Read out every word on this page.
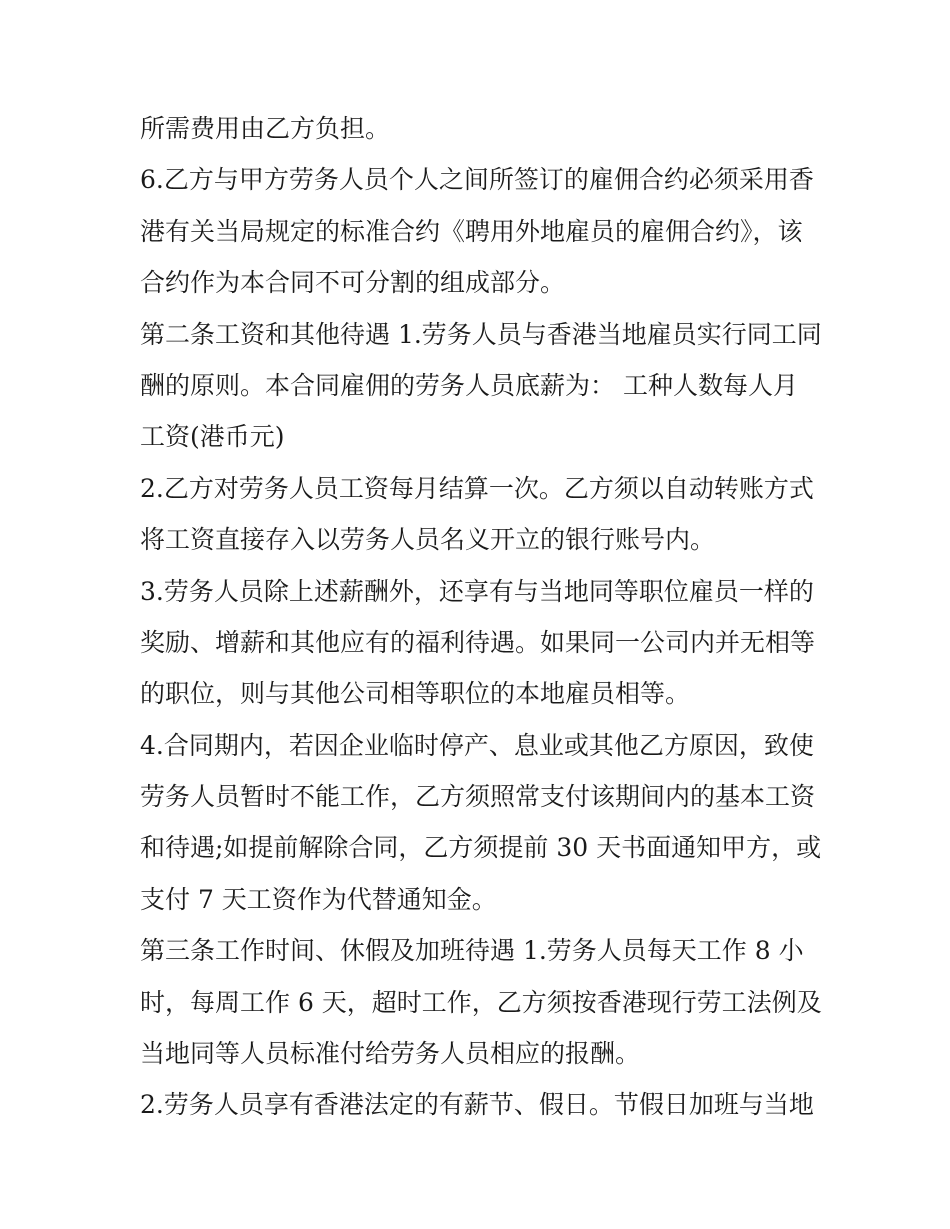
所需费用由乙方负担。
6.乙方与甲方劳务人员个人之间所签订的雇佣合约必须采用香
港有关当局规定的标准合约《聘用外地雇员的雇佣合约》，该
合约作为本合同不可分割的组成部分。
第二条工资和其他待遇 1.劳务人员与香港当地雇员实行同工同
酬的原则。本合同雇佣的劳务人员底薪为： 工种人数每人月
工资(港币元)
2.乙方对劳务人员工资每月结算一次。乙方须以自动转账方式
将工资直接存入以劳务人员名义开立的银行账号内。
3.劳务人员除上述薪酬外，还享有与当地同等职位雇员一样的
奖励、增薪和其他应有的福利待遇。如果同一公司内并无相等
的职位，则与其他公司相等职位的本地雇员相等。
4.合同期内，若因企业临时停产、息业或其他乙方原因，致使
劳务人员暂时不能工作，乙方须照常支付该期间内的基本工资
和待遇;如提前解除合同，乙方须提前 30 天书面通知甲方，或
支付 7 天工资作为代替通知金。
第三条工作时间、休假及加班待遇 1.劳务人员每天工作 8 小
时，每周工作 6 天，超时工作，乙方须按香港现行劳工法例及
当地同等人员标准付给劳务人员相应的报酬。
2.劳务人员享有香港法定的有薪节、假日。节假日加班与当地
